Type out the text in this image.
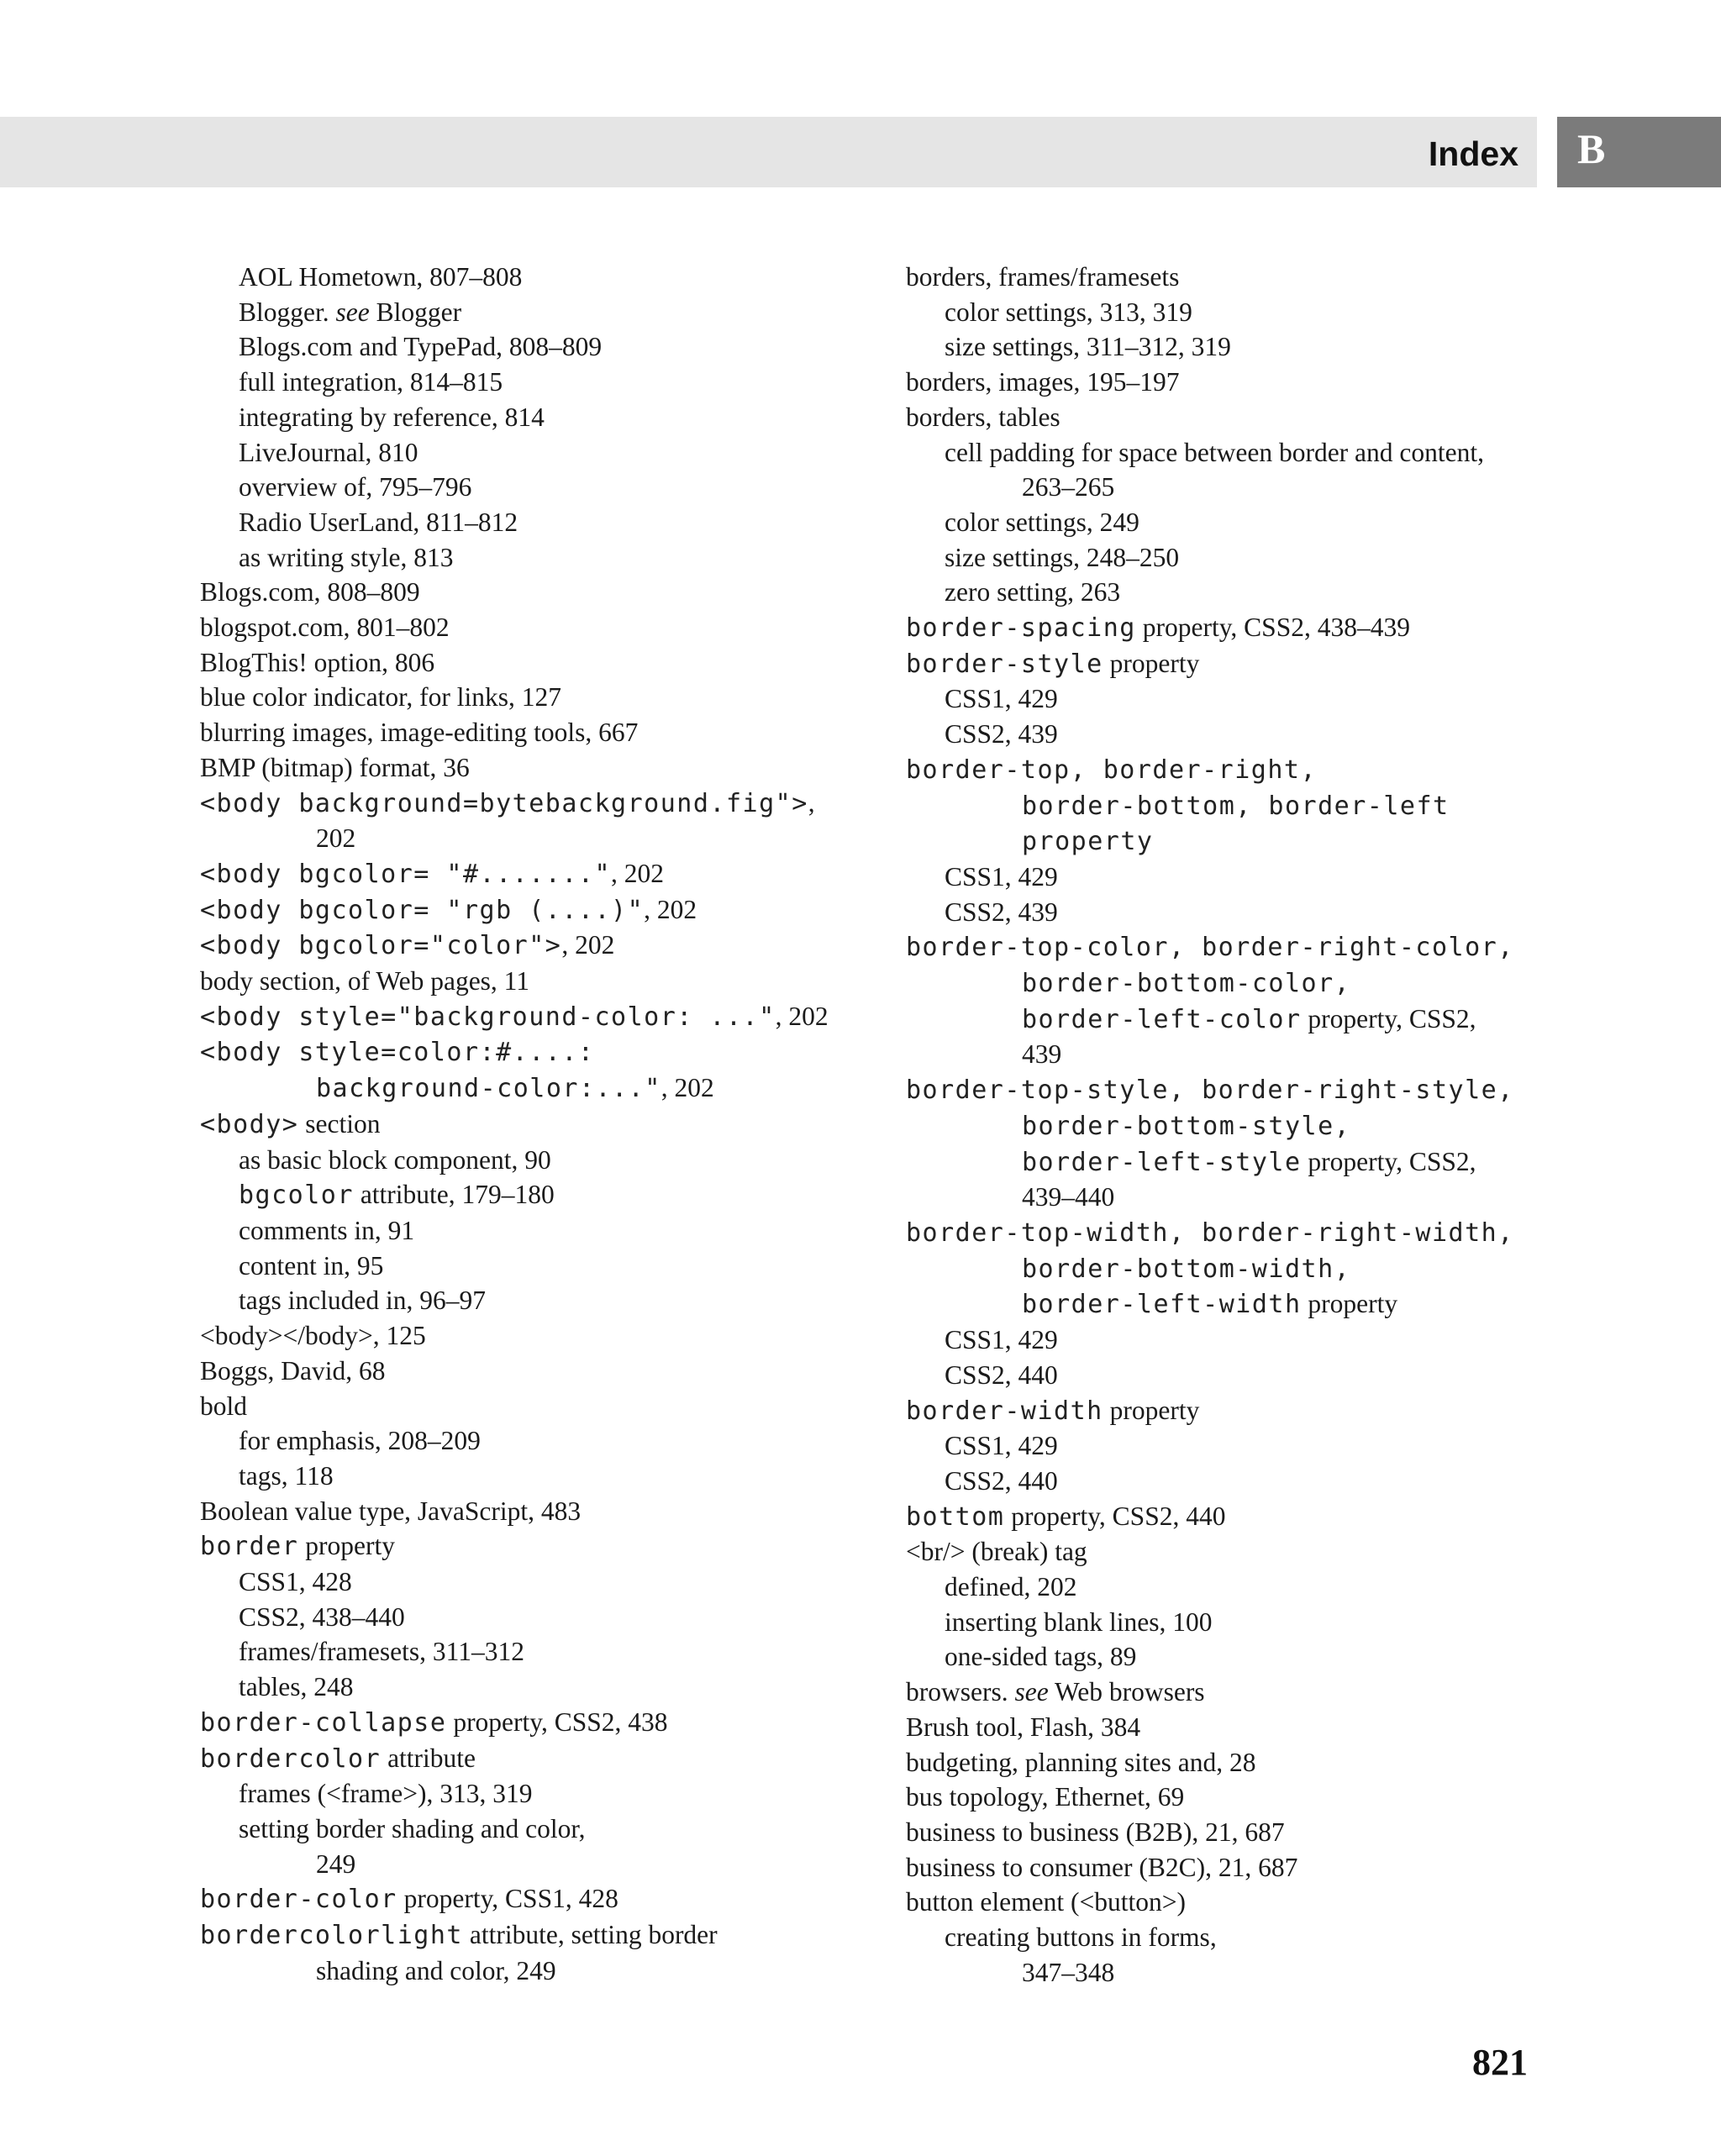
Index B
AOL Hometown, 807–808
Blogger. see Blogger
Blogs.com and TypePad, 808–809
full integration, 814–815
integrating by reference, 814
LiveJournal, 810
overview of, 795–796
Radio UserLand, 811–812
as writing style, 813
Blogs.com, 808–809
blogspot.com, 801–802
BlogThis! option, 806
blue color indicator, for links, 127
blurring images, image-editing tools, 667
BMP (bitmap) format, 36
<body background=bytebackground.fig">,
202
<body bgcolor= "#.......", 202
<body bgcolor= "rgb (....)", 202
<body bgcolor="color">, 202
body section, of Web pages, 11
<body style="background-color: ...", 202
<body style=color:#....:
background-color:...", 202
<body> section
as basic block component, 90
bgcolor attribute, 179–180
comments in, 91
content in, 95
tags included in, 96–97
<body></body>, 125
Boggs, David, 68
bold
for emphasis, 208–209
tags, 118
Boolean value type, JavaScript, 483
border property
CSS1, 428
CSS2, 438–440
frames/framesets, 311–312
tables, 248
border-collapse property, CSS2, 438
bordercolor attribute
frames (<frame>), 313, 319
setting border shading and color,
249
border-color property, CSS1, 428
bordercolorlight attribute, setting border
shading and color, 249
borders, frames/framesets
color settings, 313, 319
size settings, 311–312, 319
borders, images, 195–197
borders, tables
cell padding for space between border and content,
263–265
color settings, 249
size settings, 248–250
zero setting, 263
border-spacing property, CSS2, 438–439
border-style property
CSS1, 429
CSS2, 439
border-top, border-right,
border-bottom, border-left
property
CSS1, 429
CSS2, 439
border-top-color, border-right-color,
border-bottom-color,
border-left-color property, CSS2,
439
border-top-style, border-right-style,
border-bottom-style,
border-left-style property, CSS2,
439–440
border-top-width, border-right-width,
border-bottom-width,
border-left-width property
CSS1, 429
CSS2, 440
border-width property
CSS1, 429
CSS2, 440
bottom property, CSS2, 440
<br/> (break) tag
defined, 202
inserting blank lines, 100
one-sided tags, 89
browsers. see Web browsers
Brush tool, Flash, 384
budgeting, planning sites and, 28
bus topology, Ethernet, 69
business to business (B2B), 21, 687
business to consumer (B2C), 21, 687
button element (<button>)
creating buttons in forms,
347–348
821
